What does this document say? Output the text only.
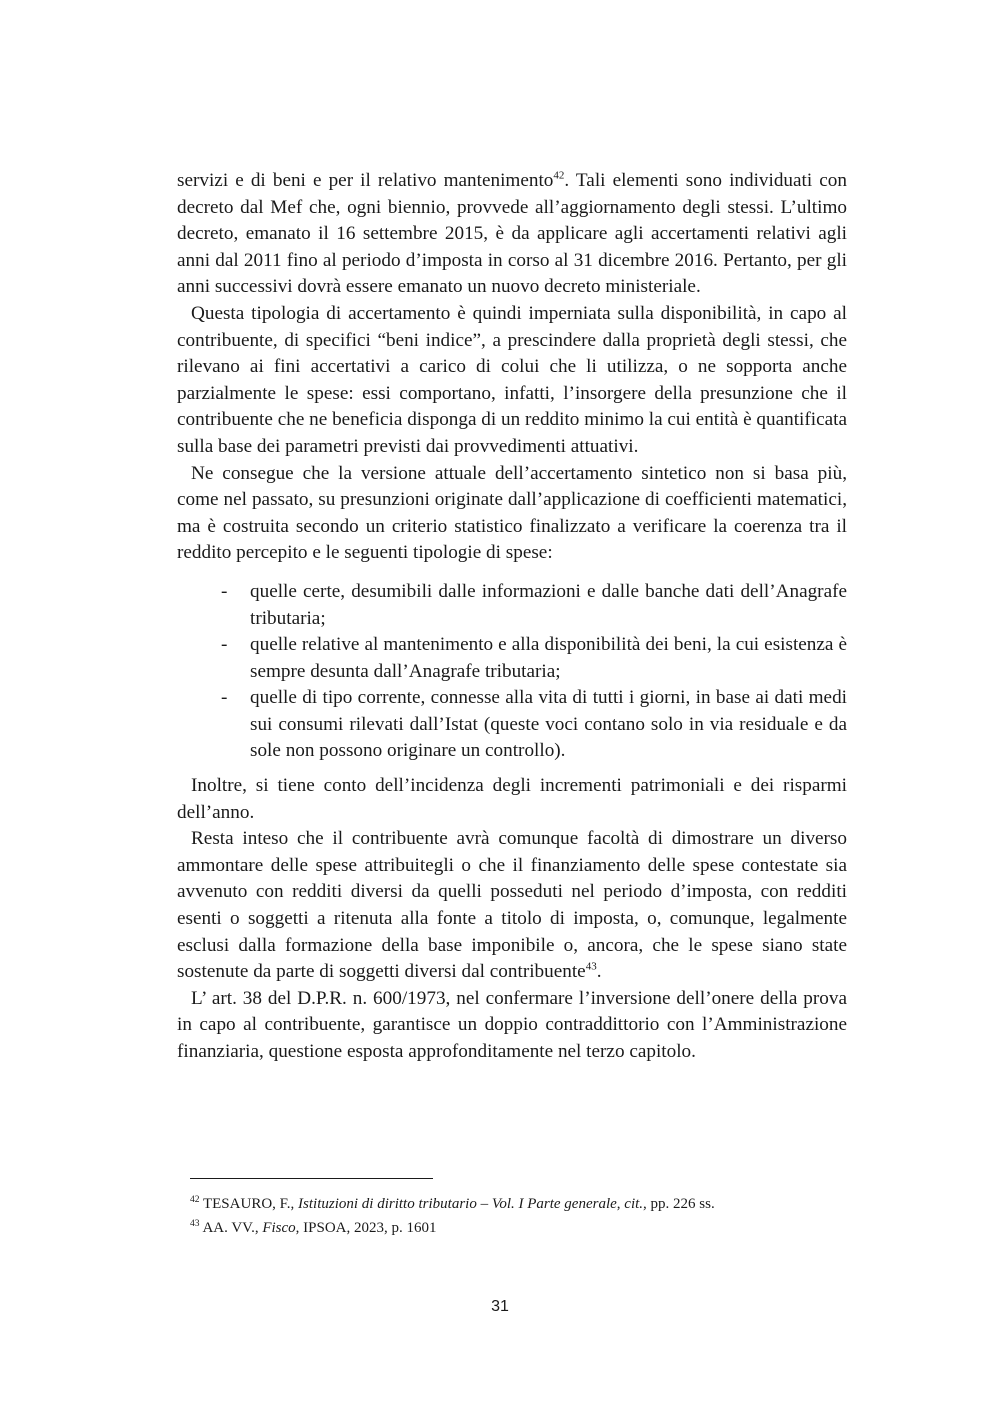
servizi e di beni e per il relativo mantenimento$^{42}$. Tali elementi sono individuati con decreto dal Mef che, ogni biennio, provvede all’aggiornamento degli stessi. L’ultimo decreto, emanato il 16 settembre 2015, è da applicare agli accertamenti relativi agli anni dal 2011 fino al periodo d’imposta in corso al 31 dicembre 2016. Pertanto, per gli anni successivi dovrà essere emanato un nuovo decreto ministeriale.

Questa tipologia di accertamento è quindi imperniata sulla disponibilità, in capo al contribuente, di specifici “beni indice”, a prescindere dalla proprietà degli stessi, che rilevano ai fini accertativi a carico di colui che li utilizza, o ne sopporta anche parzialmente le spese: essi comportano, infatti, l’insorgere della presunzione che il contribuente che ne beneficia disponga di un reddito minimo la cui entità è quantificata sulla base dei parametri previsti dai provvedimenti attuativi.

Ne consegue che la versione attuale dell’accertamento sintetico non si basa più, come nel passato, su presunzioni originate dall’applicazione di coefficienti matematici, ma è costruita secondo un criterio statistico finalizzato a verificare la coerenza tra il reddito percepito e le seguenti tipologie di spese:

- quelle certe, desumibili dalle informazioni e dalle banche dati dell’Anagrafe tributaria;
- quelle relative al mantenimento e alla disponibilità dei beni, la cui esistenza è sempre desunta dall’Anagrafe tributaria;
- quelle di tipo corrente, connesse alla vita di tutti i giorni, in base ai dati medi sui consumi rilevati dall’Istat (queste voci contano solo in via residuale e da sole non possono originare un controllo).

Inoltre, si tiene conto dell’incidenza degli incrementi patrimoniali e dei risparmi dell’anno.

Resta inteso che il contribuente avrà comunque facoltà di dimostrare un diverso ammontare delle spese attribuitegli o che il finanziamento delle spese contestate sia avvenuto con redditi diversi da quelli posseduti nel periodo d’imposta, con redditi esenti o soggetti a ritenuta alla fonte a titolo di imposta, o, comunque, legalmente esclusi dalla formazione della base imponibile o, ancora, che le spese siano state sostenute da parte di soggetti diversi dal contribuente$^{43}$.

L’ art. 38 del D.P.R. n. 600/1973, nel confermare l’inversione dell’onere della prova in capo al contribuente, garantisce un doppio contraddittorio con l’Amministrazione finanziaria, questione esposta approfonditamente nel terzo capitolo.

$^{42}$ TESAURO, F., Istituzioni di diritto tributario – Vol. I Parte generale, cit., pp. 226 ss.

$^{43}$ AA. VV., Fisco, IPSOA, 2023, p. 1601

31
